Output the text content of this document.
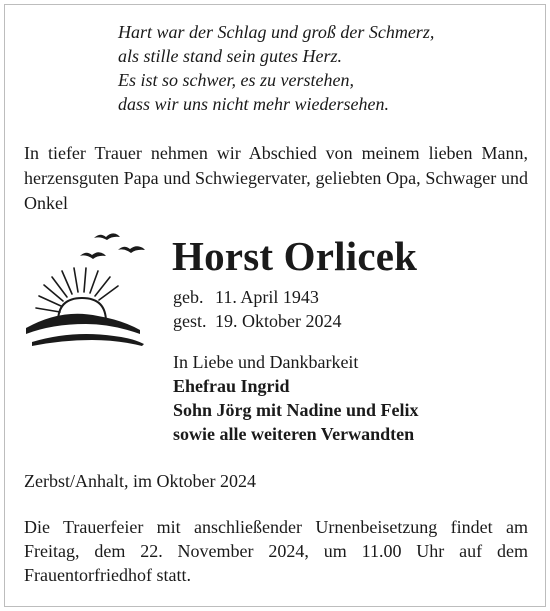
Hart war der Schlag und groß der Schmerz,
als stille stand sein gutes Herz.
Es ist so schwer, es zu verstehen,
dass wir uns nicht mehr wiedersehen.
In tiefer Trauer nehmen wir Abschied von meinem lieben Mann, herzensguten Papa und Schwiegervater, geliebten Opa, Schwager und Onkel
Horst Orlicek
geb. 11. April 1943
gest. 19. Oktober 2024
In Liebe und Dankbarkeit
Ehefrau Ingrid
Sohn Jörg mit Nadine und Felix
sowie alle weiteren Verwandten
Zerbst/Anhalt, im Oktober 2024
Die Trauerfeier mit anschließender Urnenbeisetzung findet am Freitag, dem 22. November 2024, um 11.00 Uhr auf dem Frauentorfriedhof statt.
